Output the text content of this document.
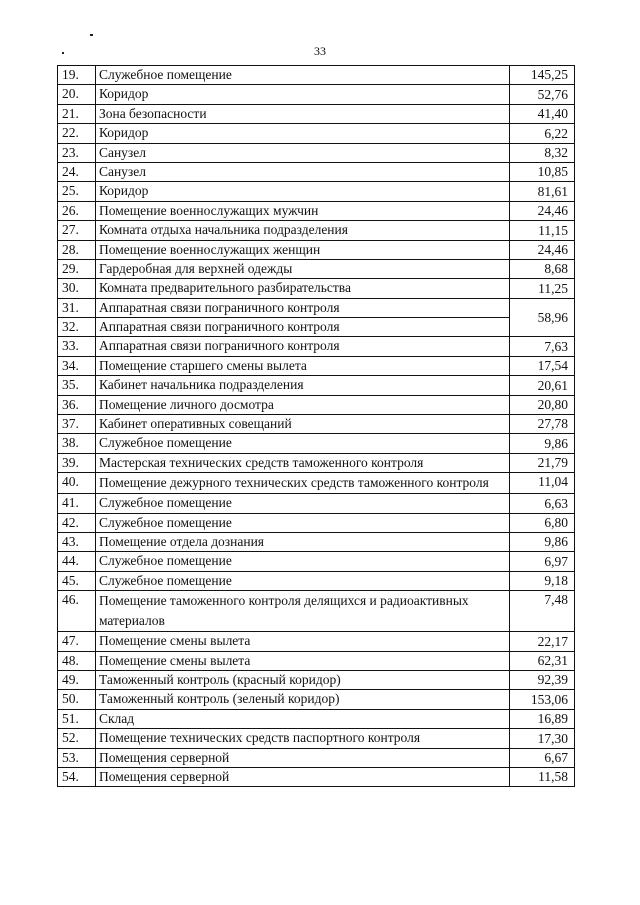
33
19.	Служебное помещение	145,25
20.	Коридор	52,76
21.	Зона безопасности	41,40
22.	Коридор	6,22
23.	Санузел	8,32
24.	Санузел	10,85
25.	Коридор	81,61
26.	Помещение военнослужащих мужчин	24,46
27.	Комната отдыха начальника подразделения	11,15
28.	Помещение военнослужащих женщин	24,46
29.	Гардеробная для верхней одежды	8,68
30.	Комната предварительного разбирательства	11,25
31.	Аппаратная связи пограничного контроля	58,96
32.	Аппаратная связи пограничного контроля	
33.	Аппаратная связи пограничного контроля	7,63
34.	Помещение старшего смены вылета	17,54
35.	Кабинет начальника подразделения	20,61
36.	Помещение личного досмотра	20,80
37.	Кабинет оперативных совещаний	27,78
38.	Служебное помещение	9,86
39.	Мастерская технических средств таможенного контроля	21,79
40.	Помещение дежурного технических средств таможенного контроля	11,04
41.	Служебное помещение	6,63
42.	Служебное помещение	6,80
43.	Помещение отдела дознания	9,86
44.	Служебное помещение	6,97
45.	Служебное помещение	9,18
46.	Помещение таможенного контроля делящихся и радиоактивных материалов	7,48
47.	Помещение смены вылета	22,17
48.	Помещение смены вылета	62,31
49.	Таможенный контроль (красный коридор)	92,39
50.	Таможенный контроль (зеленый коридор)	153,06
51.	Склад	16,89
52.	Помещение технических средств паспортного контроля	17,30
53.	Помещения серверной	6,67
54.	Помещения серверной	11,58
